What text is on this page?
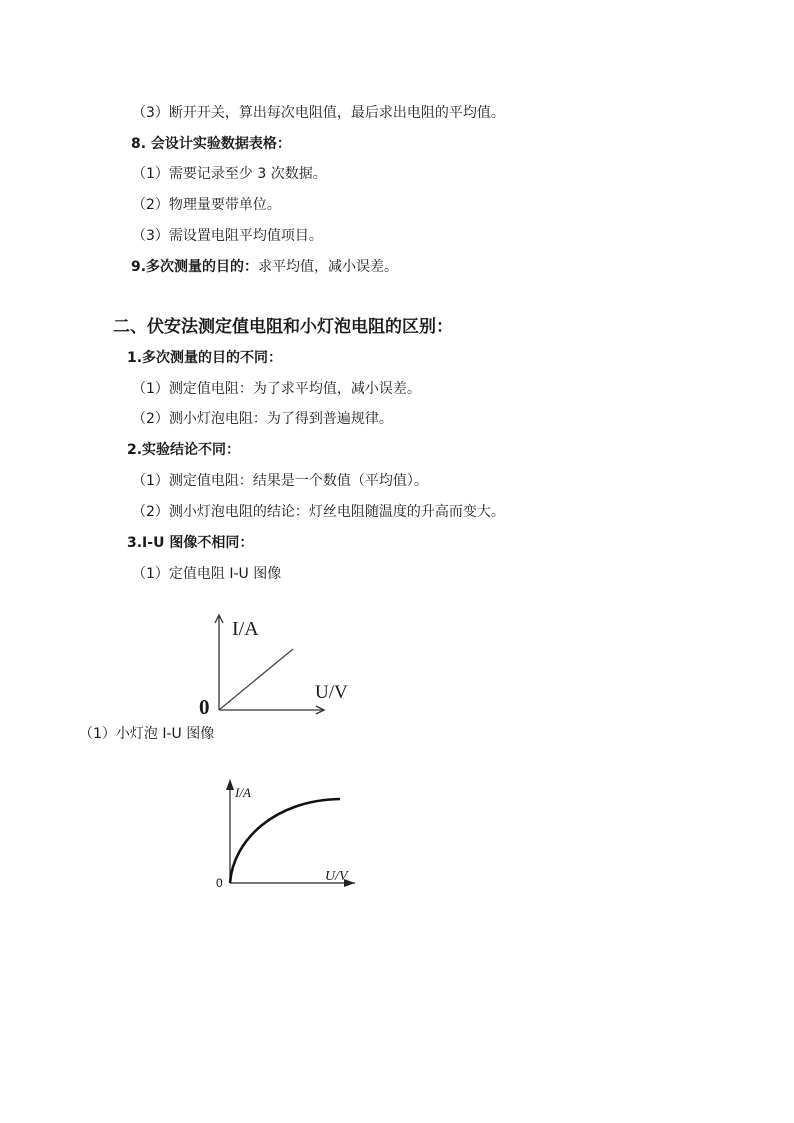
（3）断开开关，算出每次电阻值，最后求出电阻的平均值。
8. 会设计实验数据表格：
（1）需要记录至少 3 次数据。
（2）物理量要带单位。
（3）需设置电阻平均值项目。
9.多次测量的目的：求平均值，减小误差。
二、伏安法测定值电阻和小灯泡电阻的区别：
1.多次测量的目的不同：
（1）测定值电阻：为了求平均值，减小误差。
（2）测小灯泡电阻：为了得到普遍规律。
2.实验结论不同：
（1）测定值电阻：结果是一个数值（平均值）。
（2）测小灯泡电阻的结论：灯丝电阻随温度的升高而变大。
3.I-U 图像不相同：
（1）定值电阻 I-U 图像
I/A
U/V
0
（1）小灯泡 I-U 图像
I/A
U/V
0
